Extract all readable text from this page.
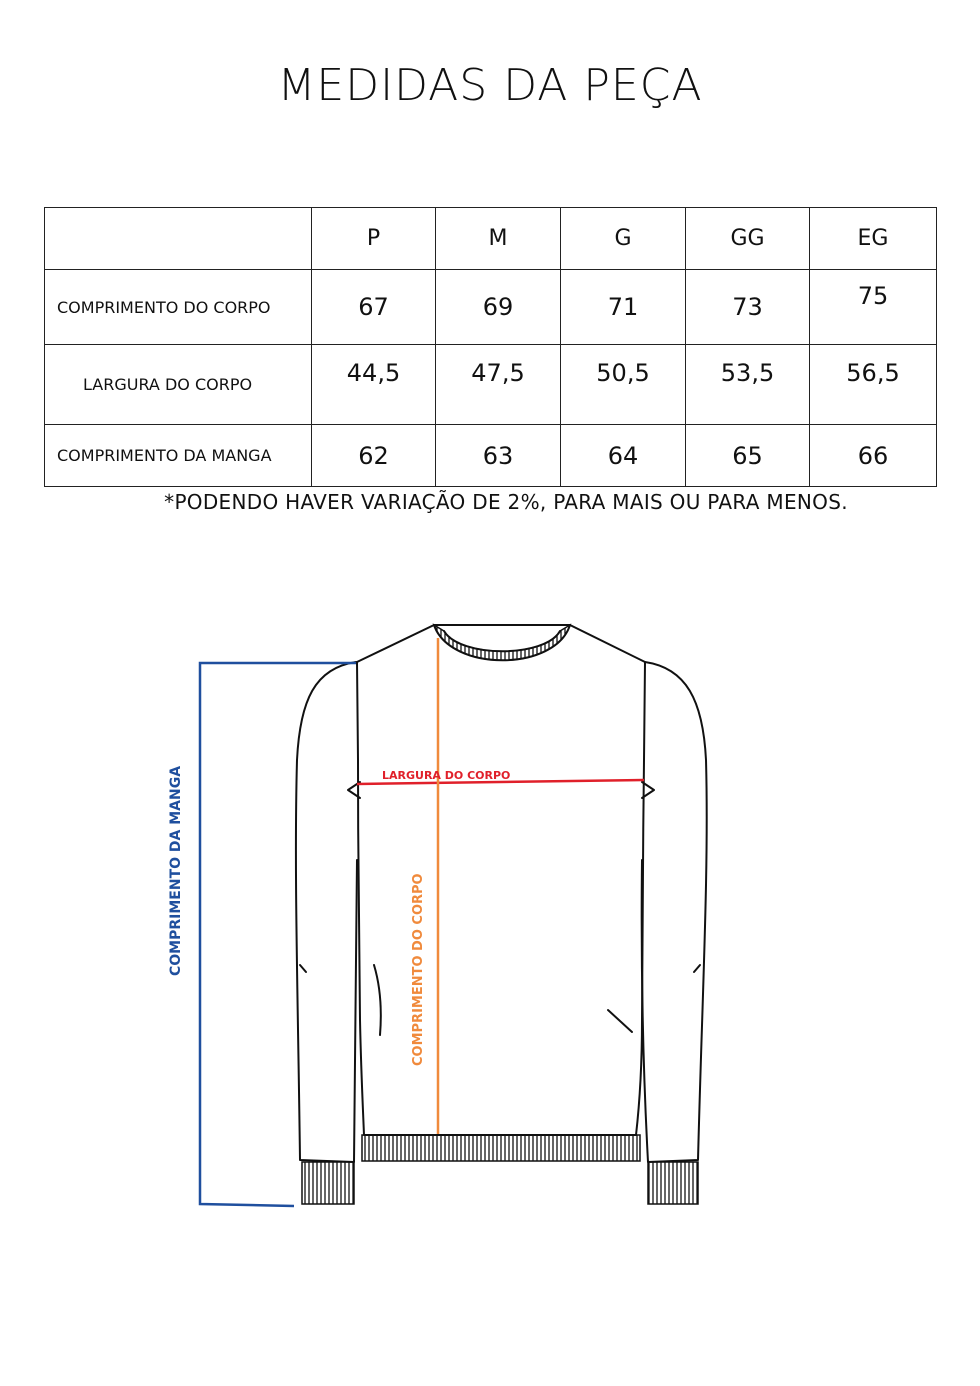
MEDIDAS DA PEÇA
	P	M	G	GG	EG
COMPRIMENTO DO CORPO	67	69	71	73	75
LARGURA DO CORPO	44,5	47,5	50,5	53,5	56,5
COMPRIMENTO DA MANGA	62	63	64	65	66
*PODENDO HAVER VARIAÇÃO DE 2%, PARA MAIS OU PARA MENOS.
LARGURA DO CORPO
COMPRIMENTO DO CORPO
COMPRIMENTO DA MANGA
